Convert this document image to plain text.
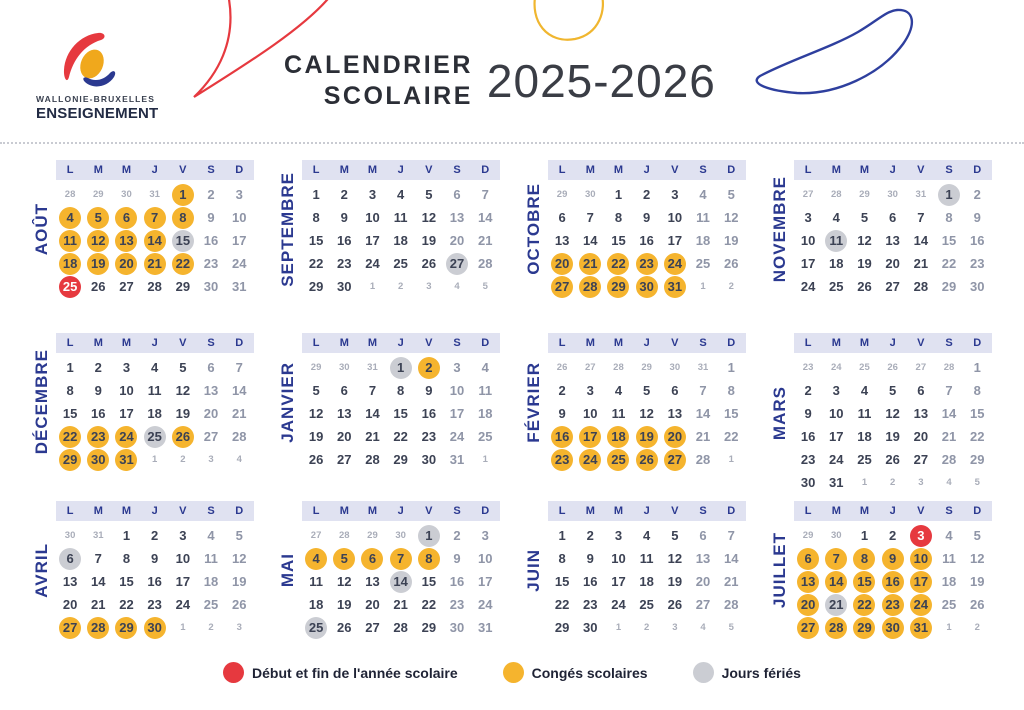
WALLONIE-BRUXELLES
ENSEIGNEMENT
CALENDRIER
SCOLAIRE 2025-2026
AOÛT
L	M	M	J	V	S	D
28 29 30 31	1	2 3
4	5	6	7	8	9 10
11	12 13 14 15 16 17
18 19 20 21 22 23 24
25 26 27 28 29 30 31
SEPTEMBRE
L	M	M	J	V	S	D
1 2 3 4 5 6 7
8 9 10 11 12 13 14
15 16 17 18 19 20 21
22 23 24 25 26 27 28
29 30 1 2 3 4 5
OCTOBRE
L	M	M	J	V	S	D
29 30 1 2 3 4 5
6 7 8 9 10 11 12
13 14 15 16 17 18 19
20 21 22 23 24 25 26
27 28 29 30 31	1 2
NOVEMBRE
L	M	M	J	V	S	D
27 28 29 30 31	1	2
3 4 5 6 7 8 9
10	11	12 13 14 15 16
17 18 19 20 21 22 23
24 25 26 27 28 29 30
DÉCEMBRE
L	M	M	J	V	S	D
1 2 3 4 5 6 7
8 9 10 11 12 13 14
15 16 17 18 19 20 21
22 23 24 25 26 27 28
29 30 31	1 2 3 4
JANVIER
L	M	M	J	V	S	D
29 30 31	1	2	3 4
5 6 7 8 9 10 11
12 13 14 15 16 17 18
19 20 21 22 23 24 25
26 27 28 29 30 31 1
FÉVRIER
L	M	M	J	V	S	D
26 27 28 29 30 31 1
2 3 4 5 6 7 8
9 10 11 12 13 14 15
16 17 18 19 20 21 22
23 24 25 26 27 28 1
MARS
L	M	M	J	V	S	D
23 24 25 26 27 28 1
2 3 4 5 6 7 8
9 10 11 12 13 14 15
16 17 18 19 20 21 22
23 24 25 26 27 28 29
30 31 1 2 3 4 5
AVRIL
L	M	M	J	V	S	D
30 31 1 2 3 4 5
6	7 8 9 10 11 12
13 14 15 16 17 18 19
20 21 22 23 24 25 26
27 28 29 30	1 2 3
MAI
L	M	M	J	V	S	D
27 28 29 30	1	2 3
4	5	6	7	8	9 10
11 12 13 14 15 16 17
18 19 20 21 22 23 24
25 26 27 28 29 30 31
JUIN
L	M	M	J	V	S	D
1 2 3 4 5 6 7
8 9 10 11 12 13 14
15 16 17 18 19 20 21
22 23 24 25 26 27 28
29 30 1 2 3 4 5
JUILLET
L	M	M	J	V	S	D
29 30 1 2	3	4 5
6	7	8	9	10 11 12
13 14 15 16 17 18 19
20 21 22 23 24 25 26
27 28 29 30 31	1 2
Début et fin de l'année scolaire	Congés scolaires	Jours fériés
